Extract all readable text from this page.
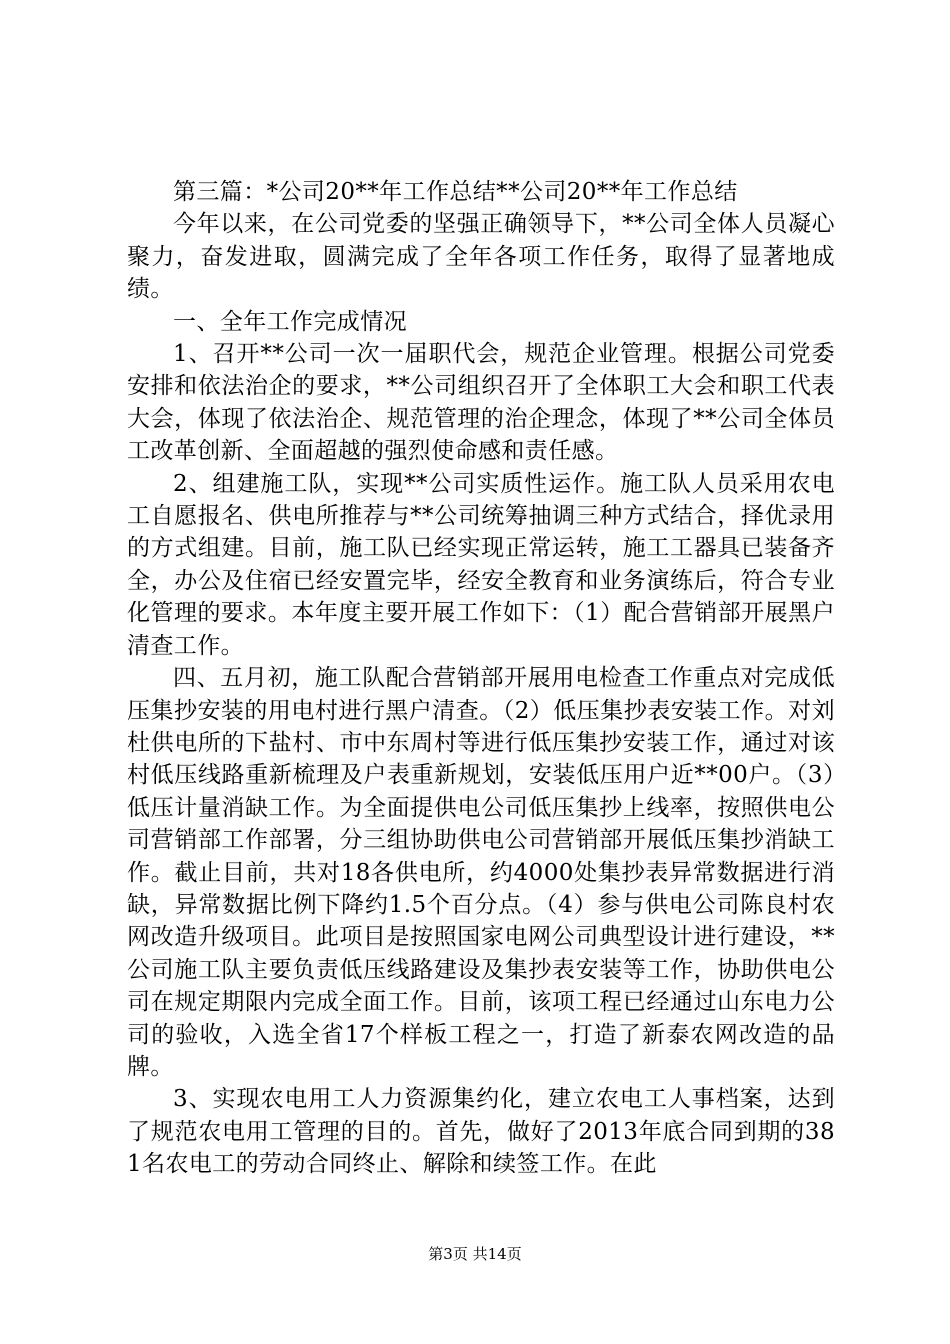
第三篇：*公司20**年工作总结**公司20**年工作总结

今年以来，在公司党委的坚强正确领导下，**公司全体人员凝心聚力，奋发进取，圆满完成了全年各项工作任务，取得了显著地成绩。

一、全年工作完成情况

1、召开**公司一次一届职代会，规范企业管理。根据公司党委安排和依法治企的要求，**公司组织召开了全体职工大会和职工代表大会，体现了依法治企、规范管理的治企理念，体现了**公司全体员工改革创新、全面超越的强烈使命感和责任感。

2、组建施工队，实现**公司实质性运作。施工队人员采用农电工自愿报名、供电所推荐与**公司统筹抽调三种方式结合，择优录用的方式组建。目前，施工队已经实现正常运转，施工工器具已装备齐全，办公及住宿已经安置完毕，经安全教育和业务演练后，符合专业化管理的要求。本年度主要开展工作如下：（1）配合营销部开展黑户清查工作。

四、五月初，施工队配合营销部开展用电检查工作重点对完成低压集抄安装的用电村进行黑户清查。（2）低压集抄表安装工作。对刘杜供电所的下盐村、市中东周村等进行低压集抄安装工作，通过对该村低压线路重新梳理及户表重新规划，安装低压用户近**00户。（3）低压计量消缺工作。为全面提供电公司低压集抄上线率，按照供电公司营销部工作部署，分三组协助供电公司营销部开展低压集抄消缺工作。截止目前，共对18各供电所，约4000处集抄表异常数据进行消缺，异常数据比例下降约1.5个百分点。（4）参与供电公司陈良村农网改造升级项目。此项目是按照国家电网公司典型设计进行建设，**公司施工队主要负责低压线路建设及集抄表安装等工作，协助供电公司在规定期限内完成全面工作。目前，该项工程已经通过山东电力公司的验收，入选全省17个样板工程之一，打造了新泰农网改造的品牌。

3、实现农电用工人力资源集约化，建立农电工人事档案，达到了规范农电用工管理的目的。首先，做好了2013年底合同到期的381名农电工的劳动合同终止、解除和续签工作。在此

第3页 共14页
